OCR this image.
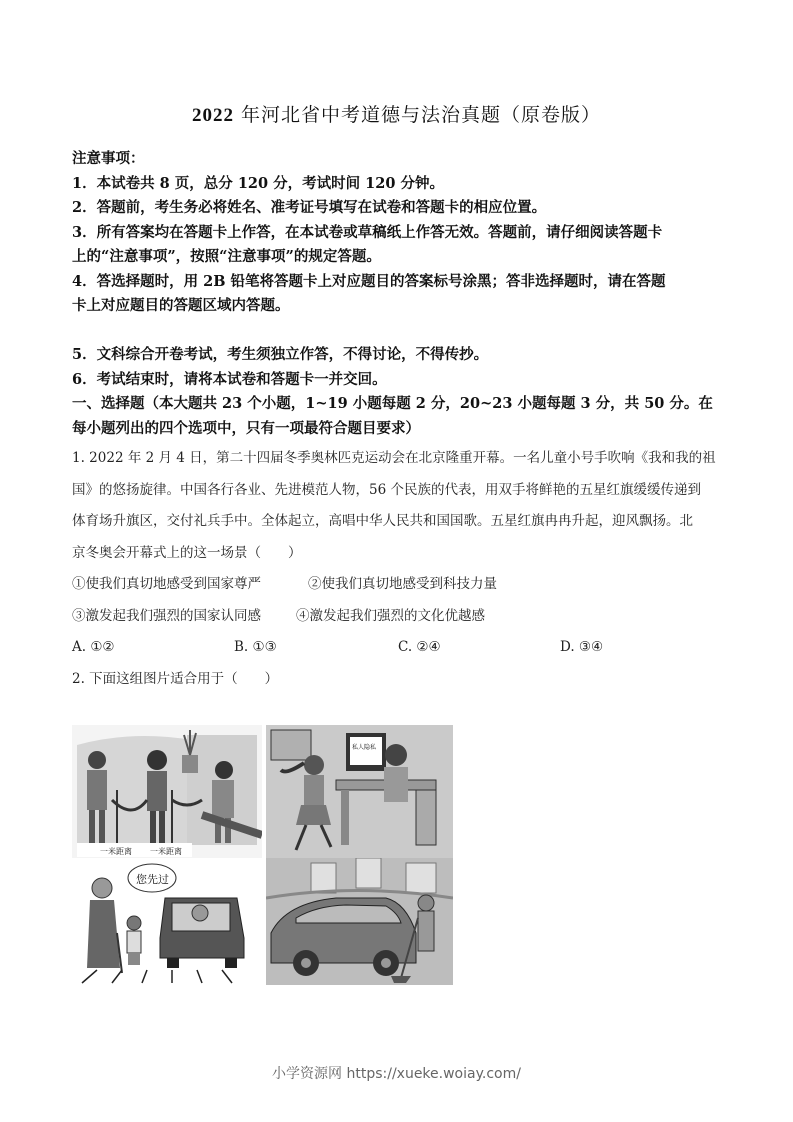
2022 年河北省中考道德与法治真题（原卷版）
注意事项：
1．本试卷共 8 页，总分 120 分，考试时间 120 分钟。
2．答题前，考生务必将姓名、准考证号填写在试卷和答题卡的相应位置。
3．所有答案均在答题卡上作答，在本试卷或草稿纸上作答无效。答题前，请仔细阅读答题卡
上的“注意事项”，按照“注意事项”的规定答题。
4．答选择题时，用 2B 铅笔将答题卡上对应题目的答案标号涂黑；答非选择题时，请在答题
卡上对应题目的答题区域内答题。
5．文科综合开卷考试，考生须独立作答，不得讨论，不得传抄。
6．考试结束时，请将本试卷和答题卡一并交回。
一、选择题（本大题共 23 个小题，1~19 小题每题 2 分，20~23 小题每题 3 分，共 50 分。在
每小题列出的四个选项中，只有一项最符合题目要求）
1. 2022 年 2 月 4 日，第二十四届冬季奥林匹克运动会在北京隆重开幕。一名儿童小号手吹响《我和我的祖
国》的悠扬旋律。中国各行各业、先进模范人物，56 个民族的代表，用双手将鲜艳的五星红旗缓缓传递到
体育场升旗区，交付礼兵手中。全体起立，高唱中华人民共和国国歌。五星红旗冉冉升起，迎风飘扬。北
京冬奥会开幕式上的这一场景（　　）
①使我们真切地感受到国家尊严	②使我们真切地感受到科技力量
③激发起我们强烈的国家认同感	④激发起我们强烈的文化优越感
A. ①②	B. ①③	C. ②④	D. ③④
2. 下面这组图片适合用于（　　）
一米距离 一米距离
私人隐私
您先过
小学资源网 https://xueke.woiay.com/
